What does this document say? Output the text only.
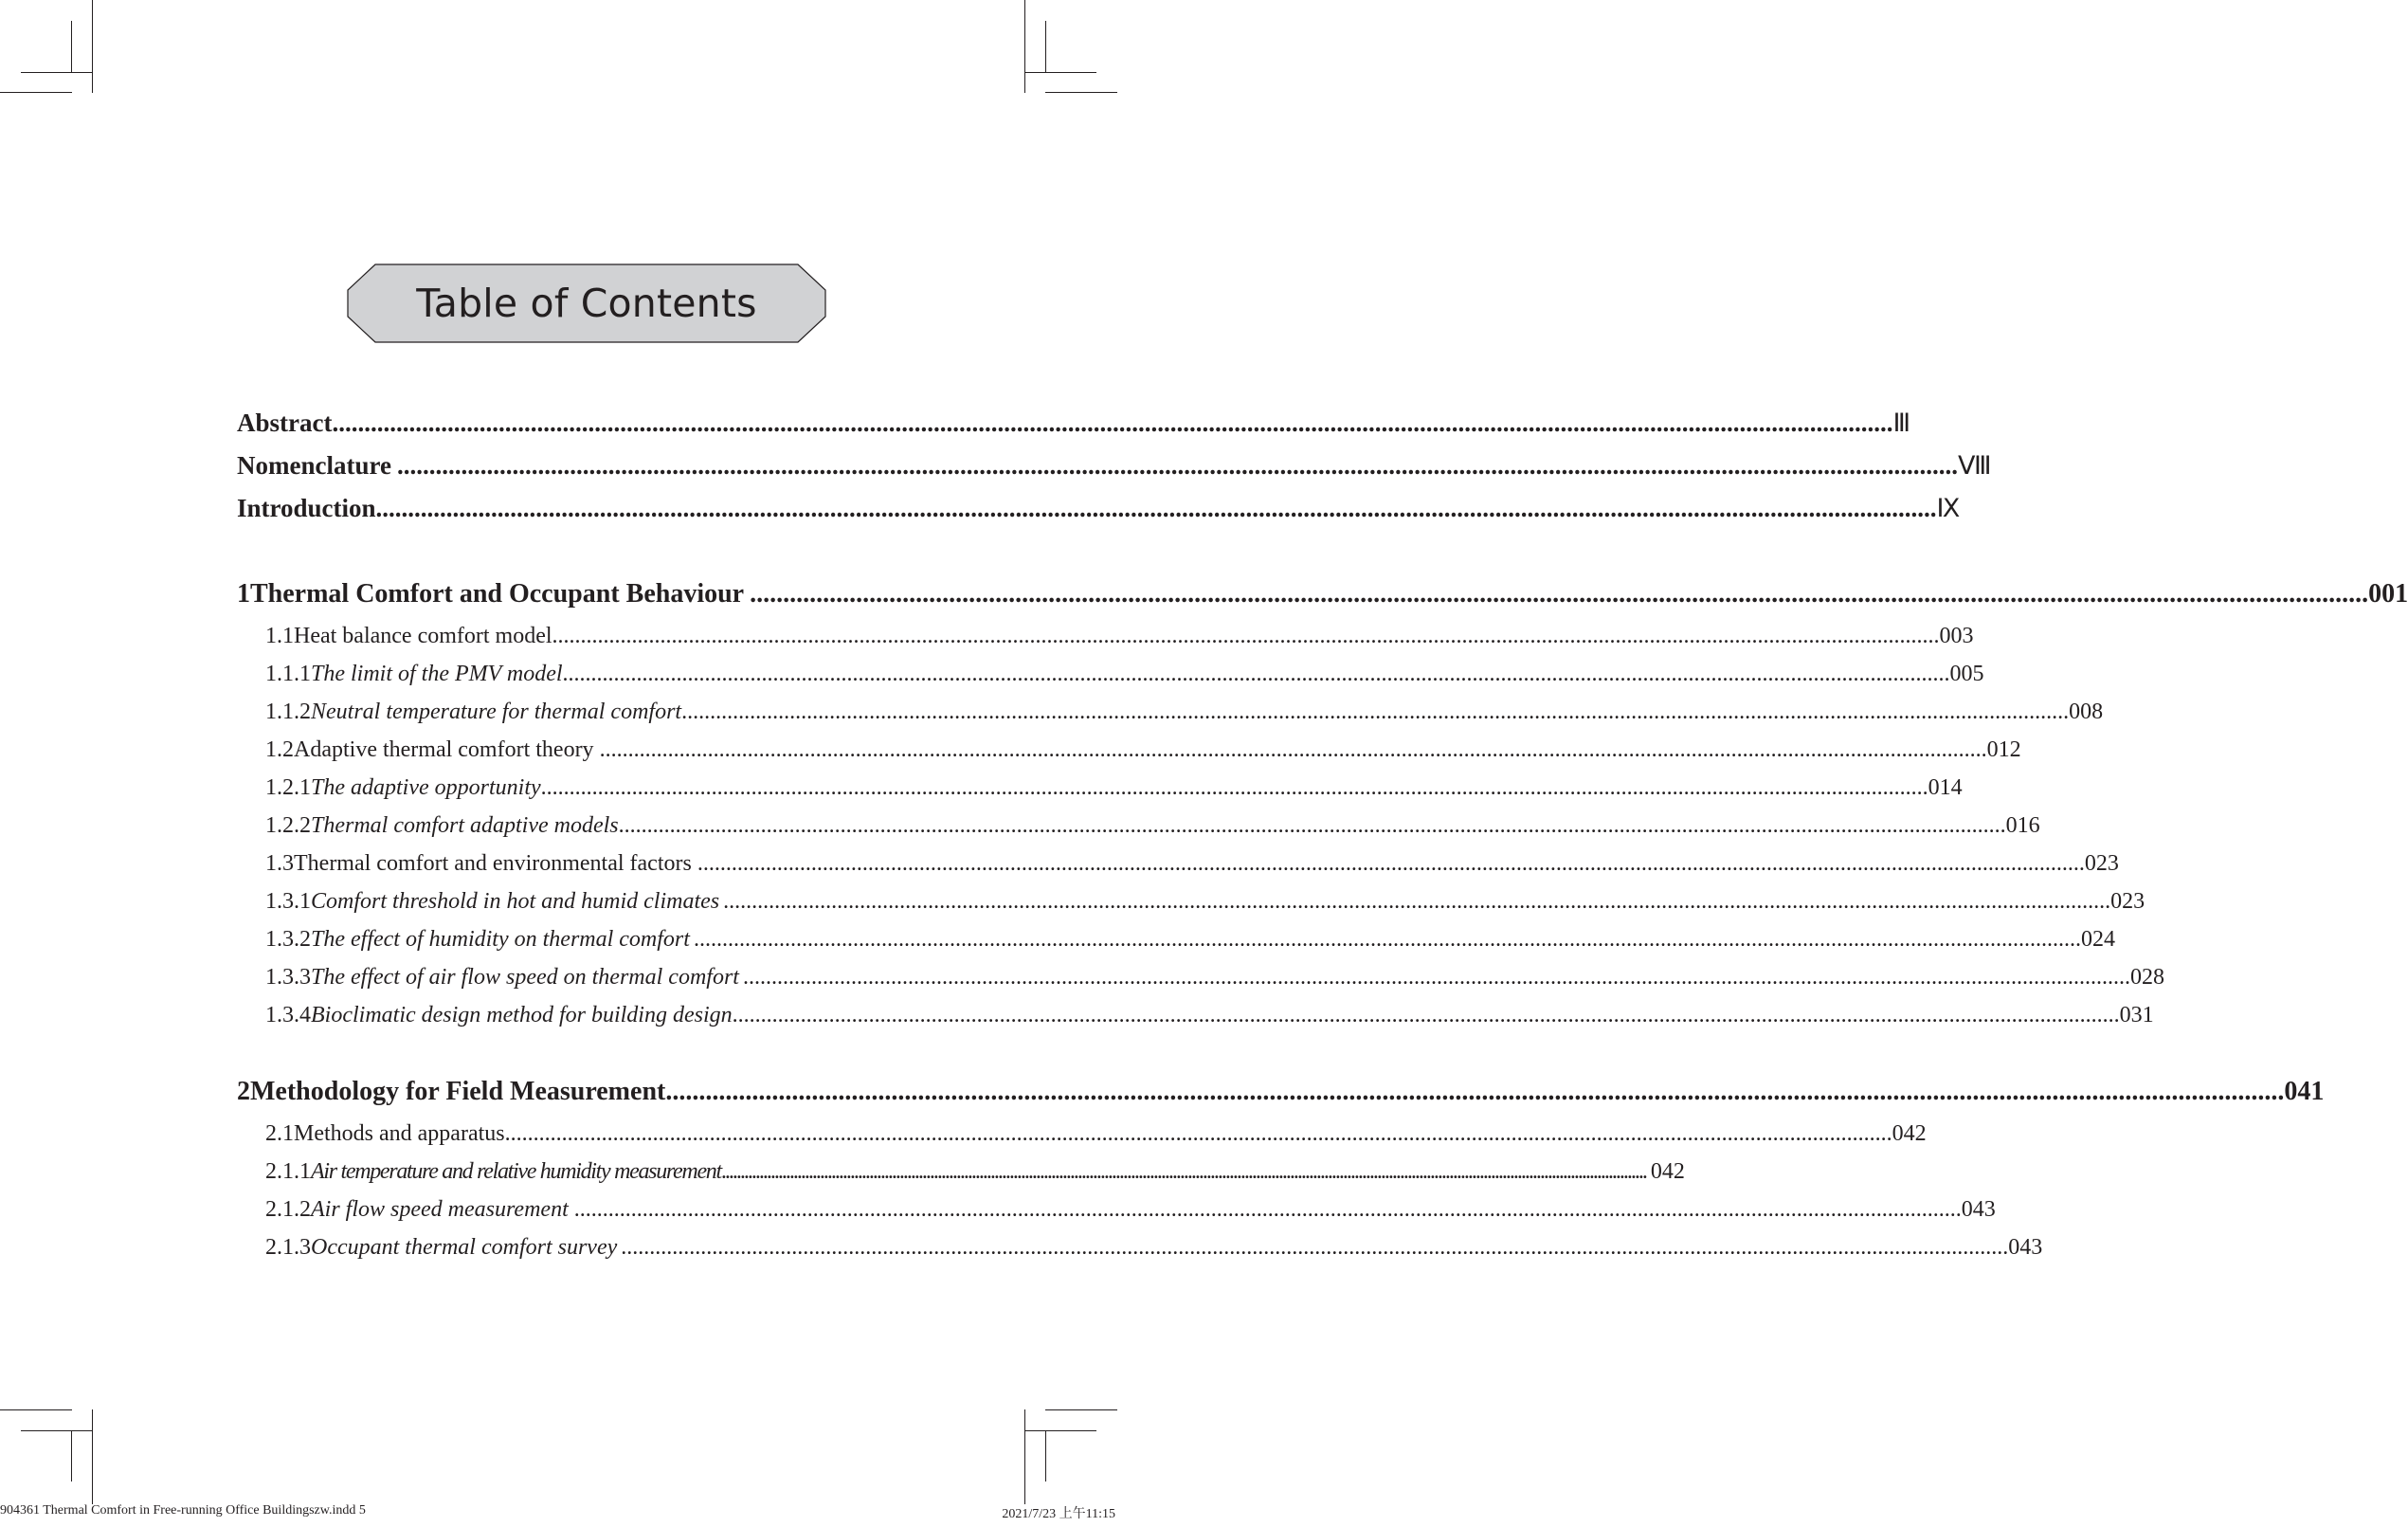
Table of Contents
Abstract .....	Ⅲ
Nomenclature .....	Ⅷ
Introduction .....	Ⅸ
1 Thermal Comfort and Occupant Behaviour .....	001
1.1 Heat balance comfort model .....	003
1.1.1 The limit of the PMV model .....	005
1.1.2 Neutral temperature for thermal comfort .....	008
1.2 Adaptive thermal comfort theory .....	012
1.2.1 The adaptive opportunity .....	014
1.2.2 Thermal comfort adaptive models .....	016
1.3 Thermal comfort and environmental factors .....	023
1.3.1 Comfort threshold in hot and humid climates .....	023
1.3.2 The effect of humidity on thermal comfort .....	024
1.3.3 The effect of air flow speed on thermal comfort .....	028
1.3.4 Bioclimatic design method for building design .....	031
2 Methodology for Field Measurement .....	041
2.1 Methods and apparatus .....	042
2.1.1 Air temperature and relative humidity measurement .....	042
2.1.2 Air flow speed measurement .....	043
2.1.3 Occupant thermal comfort survey .....	043
904361 Thermal Comfort in Free-running Office Buildingszw.indd 5	2021/7/23 上午11:15
